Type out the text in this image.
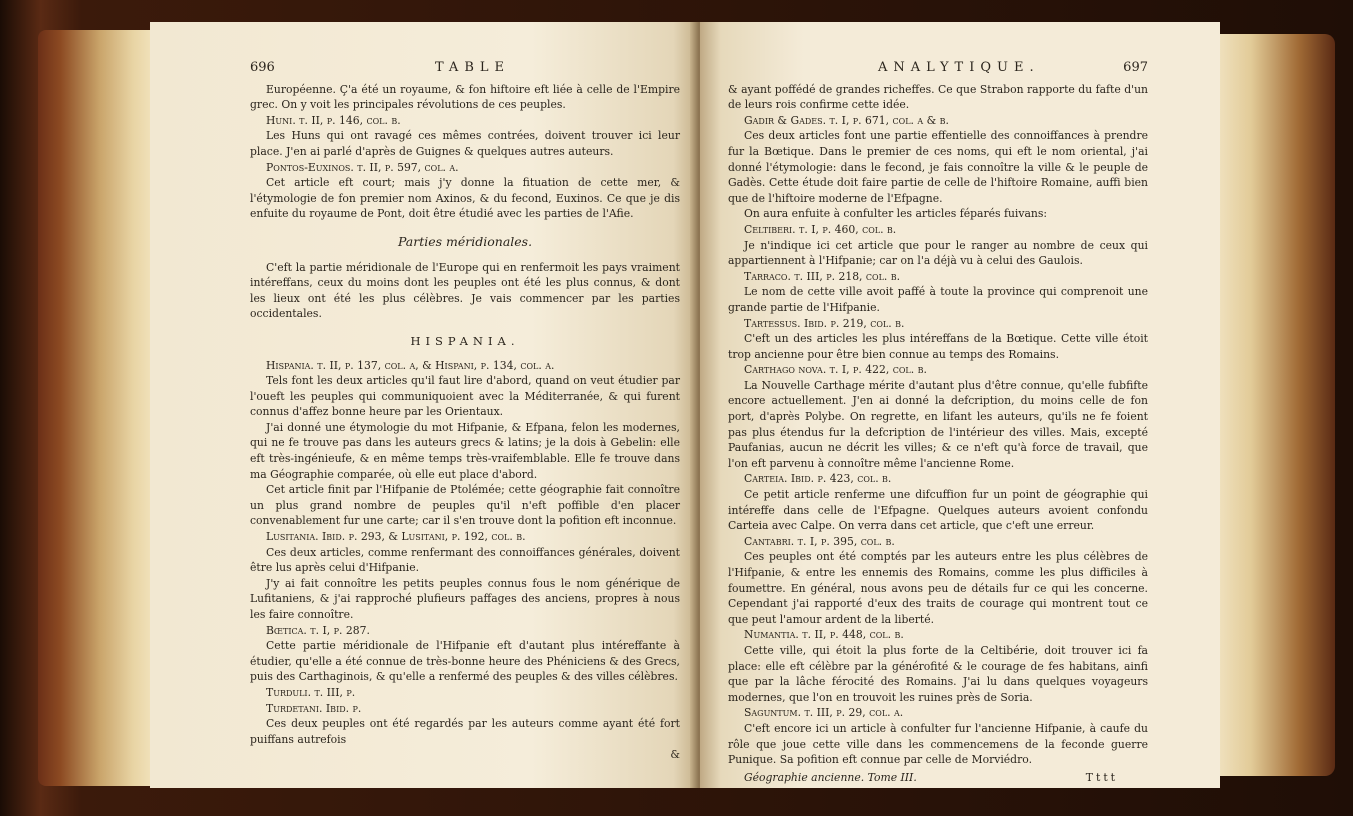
696	TABLE

Européenne. Ç'a été un royaume, & fon hiftoire eft liée à celle de l'Empire grec. On y voit les principales révolutions de ces peuples.

Huni. t. II, p. 146, col. b.

Les Huns qui ont ravagé ces mêmes contrées, doivent trouver ici leur place. J'en ai parlé d'après de Guignes & quelques autres auteurs.

Pontos-Euxinos. t. II, p. 597, col. a.

Cet article eft court; mais j'y donne la fituation de cette mer, & l'étymologie de fon premier nom Axinos, & du fecond, Euxinos. Ce que je dis enfuite du royaume de Pont, doit être étudié avec les parties de l'Afie.

Parties méridionales.

C'eft la partie méridionale de l'Europe qui en renfermoit les pays vraiment intéreffans, ceux du moins dont les peuples ont été les plus connus, & dont les lieux ont été les plus célèbres. Je vais commencer par les parties occidentales.

HISPANIA.

Hispania. t. II, p. 137, col. a, & Hispani, p. 134, col. a.

Tels font les deux articles qu'il faut lire d'abord, quand on veut étudier par l'oueft les peuples qui communiquoient avec la Méditerranée, & qui furent connus d'affez bonne heure par les Orientaux.

J'ai donné une étymologie du mot Hifpanie, & Efpana, felon les modernes, qui ne fe trouve pas dans les auteurs grecs & latins; je la dois à Gebelin: elle eft très-ingénieufe, & en même temps très-vraifemblable. Elle fe trouve dans ma Géographie comparée, où elle eut place d'abord.

Cet article finit par l'Hifpanie de Ptolémée; cette géographie fait connoître un plus grand nombre de peuples qu'il n'eft poffible d'en placer convenablement fur une carte; car il s'en trouve dont la pofition eft inconnue.

Lusitania. Ibid. p. 293, & Lusitani, p. 192, col. b.

Ces deux articles, comme renfermant des connoiffances générales, doivent être lus après celui d'Hifpanie.

J'y ai fait connoître les petits peuples connus fous le nom générique de Lufitaniens, & j'ai rapproché plufieurs paffages des anciens, propres à nous les faire connoître.

Bœtica. t. I, p. 287.

Cette partie méridionale de l'Hifpanie eft d'autant plus intéreffante à étudier, qu'elle a été connue de très-bonne heure des Phéniciens & des Grecs, puis des Carthaginois, & qu'elle a renfermé des peuples & des villes célèbres.

Turduli. t. III, p.

Turdetani. Ibid. p.

Ces deux peuples ont été regardés par les auteurs comme ayant été fort puiffans autrefois

&

ANALYTIQUE.	697

& ayant poffédé de grandes richeffes. Ce que Strabon rapporte du fafte d'un de leurs rois confirme cette idée.

Gadir & Gades. t. I, p. 671, col. a & b.

Ces deux articles font une partie effentielle des connoiffances à prendre fur la Bœtique. Dans le premier de ces noms, qui eft le nom oriental, j'ai donné l'étymologie: dans le fecond, je fais connoître la ville & le peuple de Gadès. Cette étude doit faire partie de celle de l'hiftoire Romaine, auffi bien que de l'hiftoire moderne de l'Efpagne.

On aura enfuite à confulter les articles féparés fuivans:

Celtiberi. t. I, p. 460, col. b.

Je n'indique ici cet article que pour le ranger au nombre de ceux qui appartiennent à l'Hifpanie; car on l'a déjà vu à celui des Gaulois.

Tarraco. t. III, p. 218, col. b.

Le nom de cette ville avoit paffé à toute la province qui comprenoit une grande partie de l'Hifpanie.

Tartessus. Ibid. p. 219, col. b.

C'eft un des articles les plus intéreffans de la Bœtique. Cette ville étoit trop ancienne pour être bien connue au temps des Romains.

Carthago nova. t. I, p. 422, col. b.

La Nouvelle Carthage mérite d'autant plus d'être connue, qu'elle fubfifte encore actuellement. J'en ai donné la defcription, du moins celle de fon port, d'après Polybe. On regrette, en lifant les auteurs, qu'ils ne fe foient pas plus étendus fur la defcription de l'intérieur des villes. Mais, excepté Paufanias, aucun ne décrit les villes; & ce n'eft qu'à force de travail, que l'on eft parvenu à connoître même l'ancienne Rome.

Carteia. Ibid. p. 423, col. b.

Ce petit article renferme une difcuffion fur un point de géographie qui intéreffe dans celle de l'Efpagne. Quelques auteurs avoient confondu Carteia avec Calpe. On verra dans cet article, que c'eft une erreur.

Cantabri. t. I, p. 395, col. b.

Ces peuples ont été comptés par les auteurs entre les plus célèbres de l'Hifpanie, & entre les ennemis des Romains, comme les plus difficiles à foumettre. En général, nous avons peu de détails fur ce qui les concerne. Cependant j'ai rapporté d'eux des traits de courage qui montrent tout ce que peut l'amour ardent de la liberté.

Numantia. t. II, p. 448, col. b.

Cette ville, qui étoit la plus forte de la Celtibérie, doit trouver ici fa place: elle eft célèbre par la générofité & le courage de fes habitans, ainfi que par la lâche férocité des Romains. J'ai lu dans quelques voyageurs modernes, que l'on en trouvoit les ruines près de Soria.

Saguntum. t. III, p. 29, col. a.

C'eft encore ici un article à confulter fur l'ancienne Hifpanie, à caufe du rôle que joue cette ville dans les commencemens de la feconde guerre Punique. Sa pofition eft connue par celle de Morviédro.

Géographie ancienne. Tome III.	Tttt
